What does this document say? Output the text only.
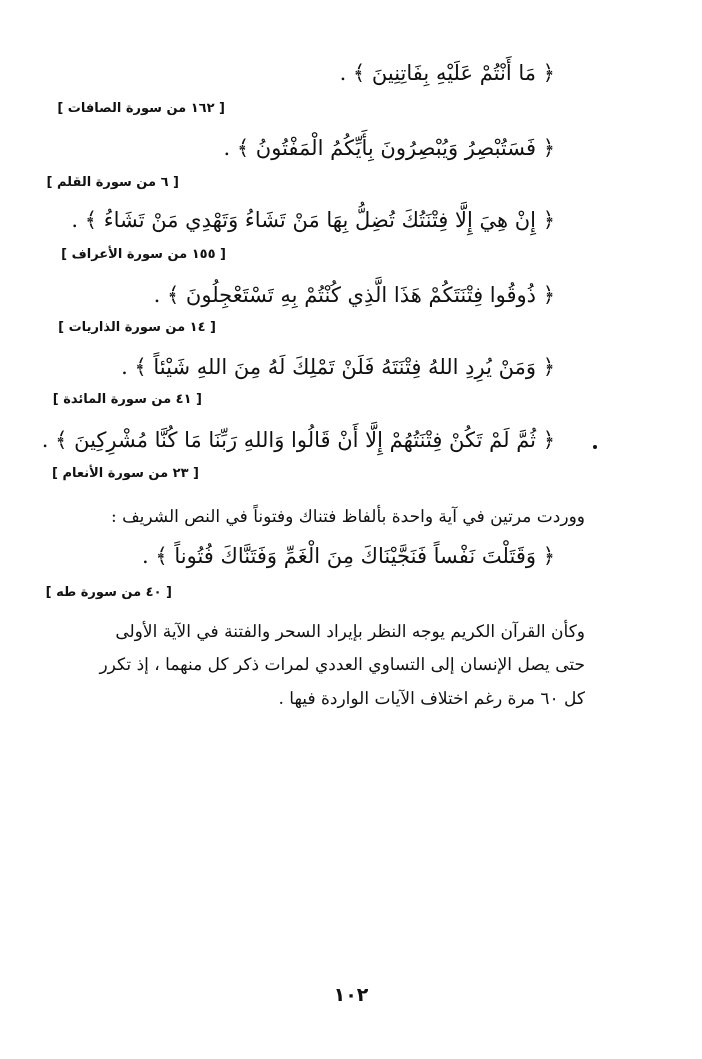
﴿ مَا أَنْتُمْ عَلَيْهِ بِفَاتِنِينَ ﴾ .
[ ١٦٢ من سورة الصافات ]
﴿ فَسَتُبْصِرُ وَيُبْصِرُونَ بِأَيِّكُمُ الْمَفْتُونُ ﴾ .
[ ٦ من سورة القلم ]
﴿ إِنْ هِيَ إِلَّا فِتْنَتُكَ تُضِلُّ بِهَا مَنْ تَشَاءُ وَتَهْدِي مَنْ تَشَاءُ ﴾ .
[ ١٥٥ من سورة الأعراف ]
﴿ ذُوقُوا فِتْنَتَكُمْ هَذَا الَّذِي كُنْتُمْ بِهِ تَسْتَعْجِلُونَ ﴾ .
[ ١٤ من سورة الذاريات ]
﴿ وَمَنْ يُرِدِ اللهُ فِتْنَتَهُ فَلَنْ تَمْلِكَ لَهُ مِنَ اللهِ شَيْئاً ﴾ .
[ ٤١ من سورة المائدة ]
﴿ ثُمَّ لَمْ تَكُنْ فِتْنَتُهُمْ إِلَّا أَنْ قَالُوا وَاللهِ رَبِّنَا مَا كُنَّا مُشْرِكِينَ ﴾ .
[ ٢٣ من سورة الأنعام ]
ووردت مرتين في آية واحدة بألفاظ فتناك وفتوناً في النص الشريف :
﴿ وَقَتَلْتَ نَفْساً فَنَجَّيْنَاكَ مِنَ الْغَمِّ وَفَتَنَّاكَ فُتُوناً ﴾ .
[ ٤٠ من سورة طه ]
وكأن القرآن الكريم يوجه النظر بإيراد السحر والفتنة في الآية الأولى
حتى يصل الإنسان إلى التساوي العددي لمرات ذكر كل منهما ، إذ تكرر
كل ٦٠ مرة رغم اختلاف الآيات الواردة فيها .
١٠٢
